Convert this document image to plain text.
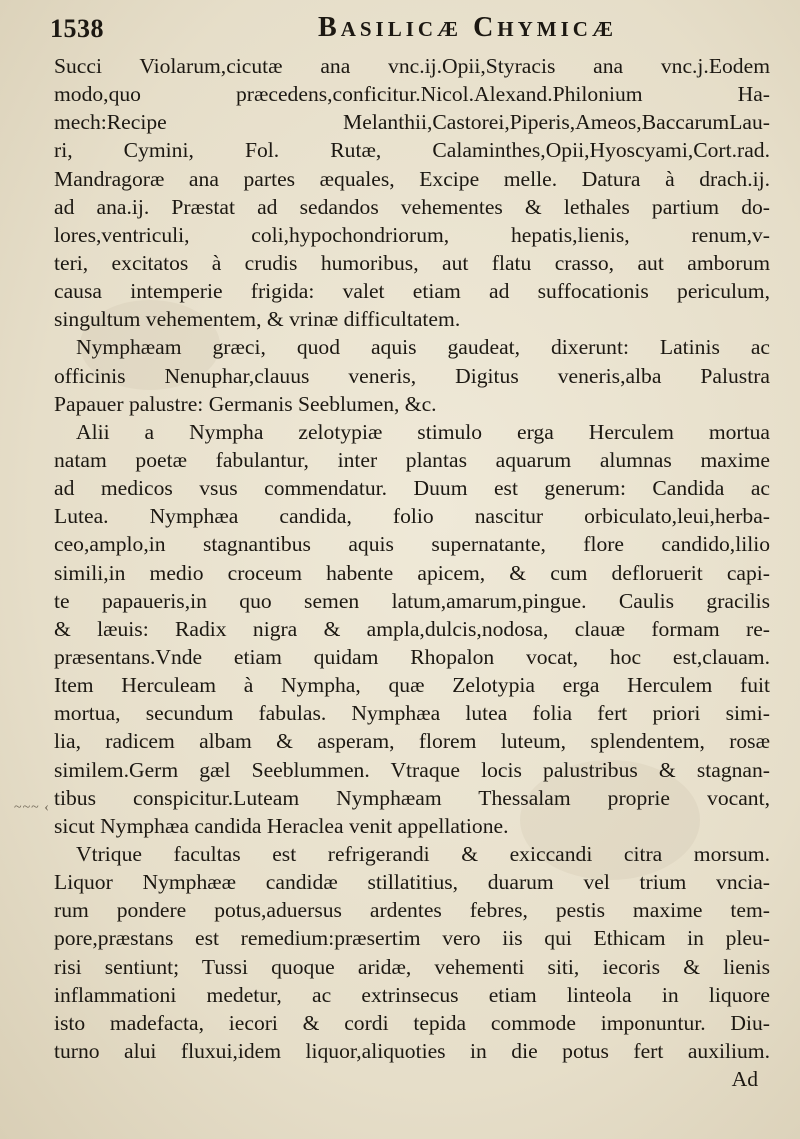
1538	BASILICÆ CHYMICÆ
Succi Violarum,cicutæ ana vnc.ij.Opii,Styracis ana vnc.j.Eodem
modo,quo præcedens,conficitur.Nicol.Alexand.Philonium Ha-
mech:Recipe Melanthii,Castorei,Piperis,Ameos,BaccarumLau-
ri, Cymini, Fol. Rutæ, Calaminthes,Opii,Hyoscyami,Cort.rad.
Mandragoræ ana partes æquales, Excipe melle. Datura à drach.ij.
ad ana.ij. Præstat ad sedandos vehementes & lethales partium do-
lores,ventriculi, coli,hypochondriorum, hepatis,lienis, renum,v-
teri, excitatos à crudis humoribus, aut flatu crasso, aut amborum
causa intemperie frigida: valet etiam ad suffocationis periculum,
singultum vehementem, & vrinæ difficultatem.
Nymphæam græci, quod aquis gaudeat, dixerunt: Latinis ac
officinis Nenuphar,clauus veneris, Digitus veneris,alba Palustra
Papauer palustre: Germanis Seeblumen, &c.
Alii a Nympha zelotypiæ stimulo erga Herculem mortua
natam poetæ fabulantur, inter plantas aquarum alumnas maxime
ad medicos vsus commendatur. Duum est generum: Candida ac
Lutea. Nymphæa candida, folio nascitur orbiculato,leui,herba-
ceo,amplo,in stagnantibus aquis supernatante, flore candido,lilio
simili,in medio croceum habente apicem, & cum defloruerit capi-
te papaueris,in quo semen latum,amarum,pingue. Caulis gracilis
& læuis: Radix nigra & ampla,dulcis,nodosa, clauæ formam re-
præsentans.Vnde etiam quidam Rhopalon vocat, hoc est,clauam.
Item Herculeam à Nympha, quæ Zelotypia erga Herculem fuit
mortua, secundum fabulas. Nymphæa lutea folia fert priori simi-
lia, radicem albam & asperam, florem luteum, splendentem, rosæ
similem.Germ gæl Seeblummen. Vtraque locis palustribus & stagnan-
tibus conspicitur.Luteam Nymphæam Thessalam proprie vocant,
sicut Nymphæa candida Heraclea venit appellatione.
Vtrique facultas est refrigerandi & exiccandi citra morsum.
Liquor Nymphææ candidæ stillatitius, duarum vel trium vncia-
rum pondere potus,aduersus ardentes febres, pestis maxime tem-
pore,præstans est remedium:præsertim vero iis qui Ethicam in pleu-
risi sentiunt; Tussi quoque aridæ, vehementi siti, iecoris & lienis
inflammationi medetur, ac extrinsecus etiam linteola in liquore
isto madefacta, iecori & cordi tepida commode imponuntur. Diu-
turno alui fluxui,idem liquor,aliquoties in die potus fert auxilium.
Ad
~~~ ‹
